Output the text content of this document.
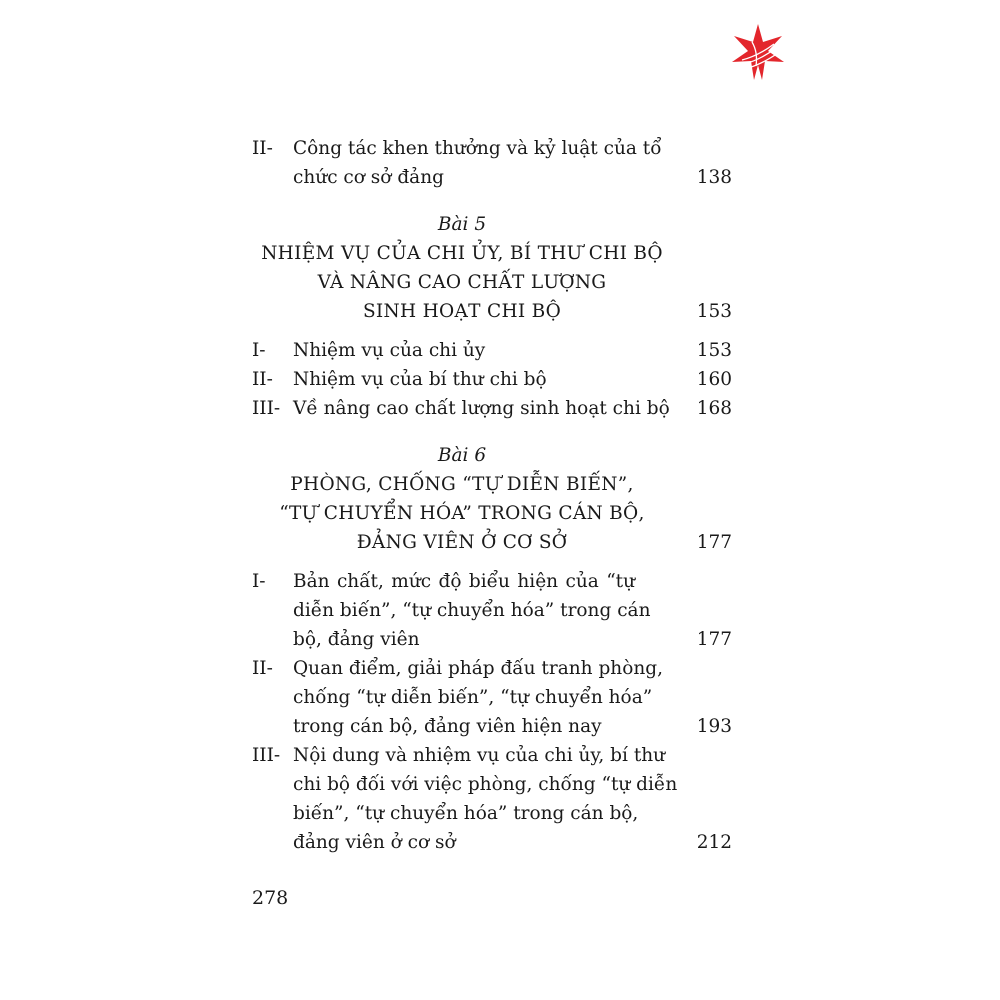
II- Công tác khen thưởng và kỷ luật của tổ
chức cơ sở đảng	138
Bài 5
NHIỆM VỤ CỦA CHI ỦY, BÍ THƯ CHI BỘ
VÀ NÂNG CAO CHẤT LƯỢNG
SINH HOẠT CHI BỘ	153
I- Nhiệm vụ của chi ủy	153
II- Nhiệm vụ của bí thư chi bộ	160
III- Về nâng cao chất lượng sinh hoạt chi bộ 168
Bài 6
PHÒNG, CHỐNG “TỰ DIỄN BIẾN”,
“TỰ CHUYỂN HÓA” TRONG CÁN BỘ,
ĐẢNG VIÊN Ở CƠ SỞ	177
I- Bản chất, mức độ biểu hiện của “tự
diễn biến”, “tự chuyển hóa” trong cán
bộ, đảng viên	177
II- Quan điểm, giải pháp đấu tranh phòng,
chống “tự diễn biến”, “tự chuyển hóa”
trong cán bộ, đảng viên hiện nay	193
III- Nội dung và nhiệm vụ của chi ủy, bí thư
chi bộ đối với việc phòng, chống “tự diễn
biến”, “tự chuyển hóa” trong cán bộ,
đảng viên ở cơ sở	212
278
